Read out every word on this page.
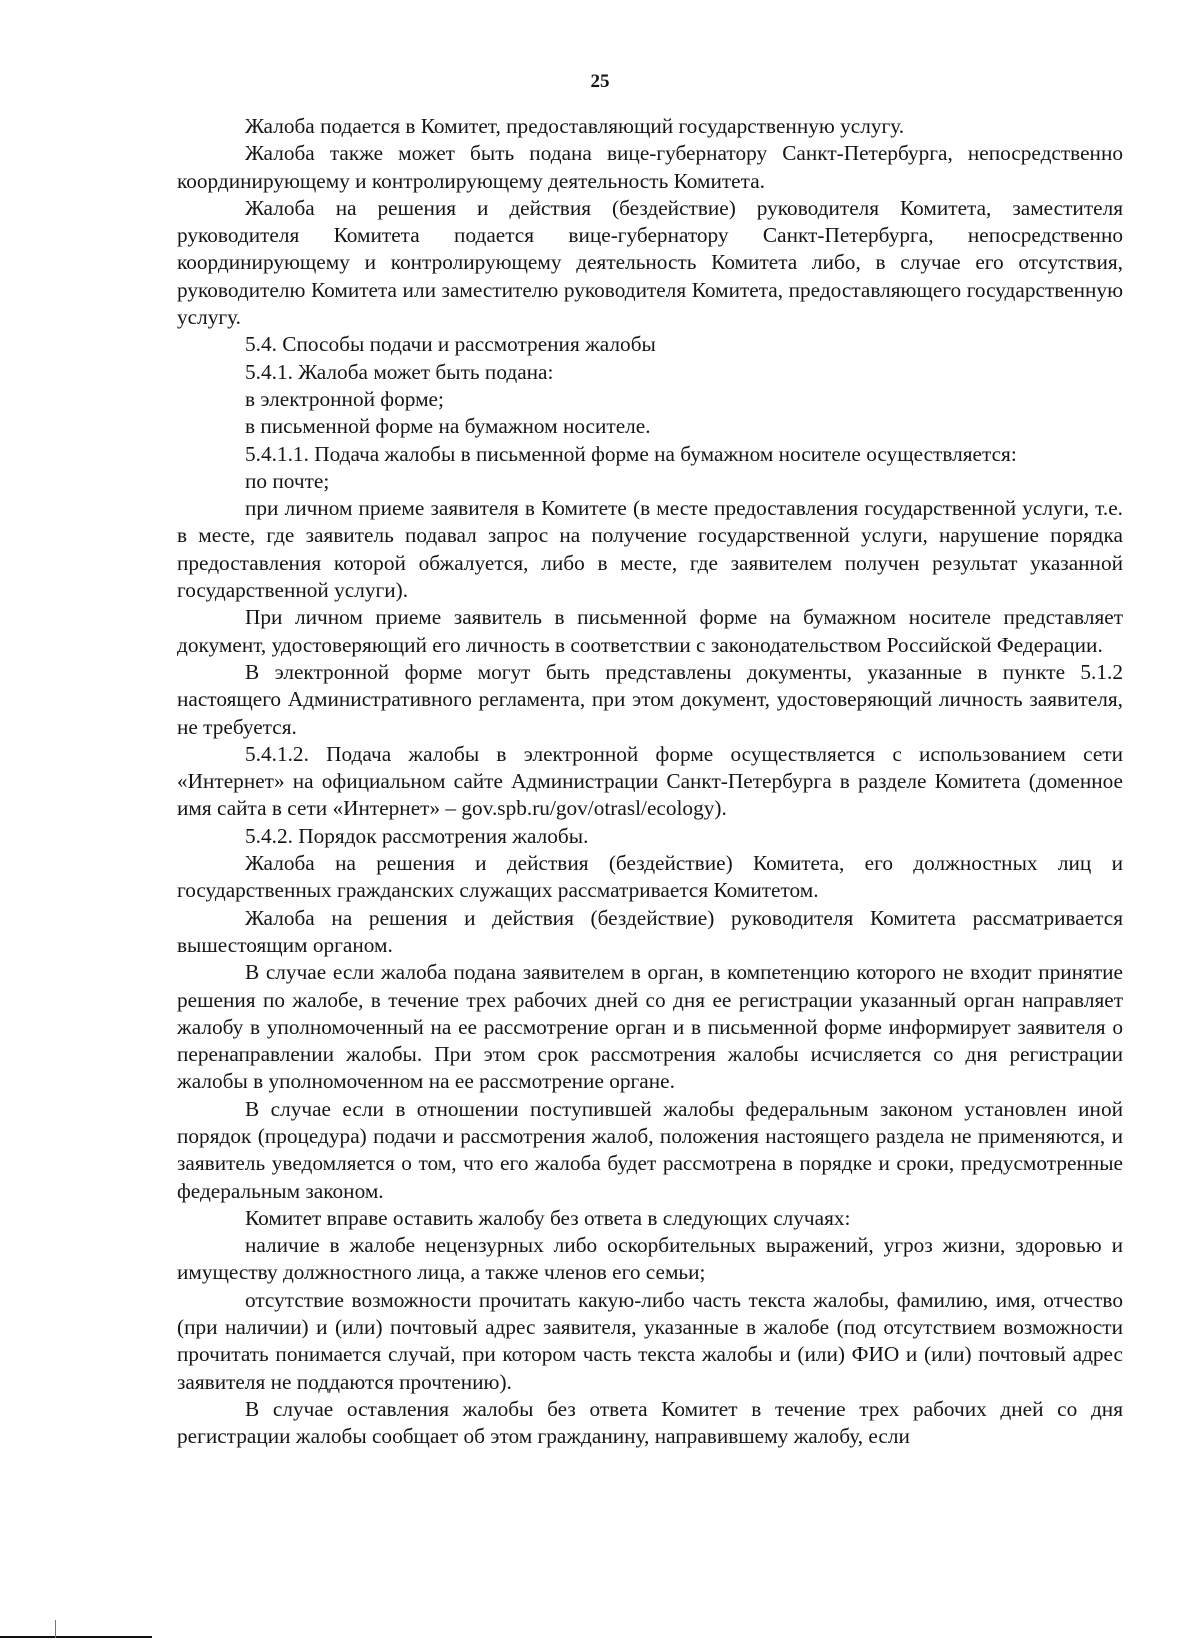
25

Жалоба подается в Комитет, предоставляющий государственную услугу.

Жалоба также может быть подана вице-губернатору Санкт-Петербурга, непосредственно координирующему и контролирующему деятельность Комитета.

Жалоба на решения и действия (бездействие) руководителя Комитета, заместителя руководителя Комитета подается вице-губернатору Санкт-Петербурга, непосредственно координирующему и контролирующему деятельность Комитета либо, в случае его отсутствия, руководителю Комитета или заместителю руководителя Комитета, предоставляющего государственную услугу.

5.4. Способы подачи и рассмотрения жалобы

5.4.1. Жалоба может быть подана:

в электронной форме;

в письменной форме на бумажном носителе.

5.4.1.1. Подача жалобы в письменной форме на бумажном носителе осуществляется:

по почте;

при личном приеме заявителя в Комитете (в месте предоставления государственной услуги, т.е. в месте, где заявитель подавал запрос на получение государственной услуги, нарушение порядка предоставления которой обжалуется, либо в месте, где заявителем получен результат указанной государственной услуги).

При личном приеме заявитель в письменной форме на бумажном носителе представляет документ, удостоверяющий его личность в соответствии с законодательством Российской Федерации.

В электронной форме могут быть представлены документы, указанные в пункте 5.1.2 настоящего Административного регламента, при этом документ, удостоверяющий личность заявителя, не требуется.

5.4.1.2. Подача жалобы в электронной форме осуществляется с использованием сети «Интернет» на официальном сайте Администрации Санкт-Петербурга в разделе Комитета (доменное имя сайта в сети «Интернет» – gov.spb.ru/gov/otrasl/ecology).

5.4.2. Порядок рассмотрения жалобы.

Жалоба на решения и действия (бездействие) Комитета, его должностных лиц и государственных гражданских служащих рассматривается Комитетом.

Жалоба на решения и действия (бездействие) руководителя Комитета рассматривается вышестоящим органом.

В случае если жалоба подана заявителем в орган, в компетенцию которого не входит принятие решения по жалобе, в течение трех рабочих дней со дня ее регистрации указанный орган направляет жалобу в уполномоченный на ее рассмотрение орган и в письменной форме информирует заявителя о перенаправлении жалобы. При этом срок рассмотрения жалобы исчисляется со дня регистрации жалобы в уполномоченном на ее рассмотрение органе.

В случае если в отношении поступившей жалобы федеральным законом установлен иной порядок (процедура) подачи и рассмотрения жалоб, положения настоящего раздела не применяются, и заявитель уведомляется о том, что его жалоба будет рассмотрена в порядке и сроки, предусмотренные федеральным законом.

Комитет вправе оставить жалобу без ответа в следующих случаях:

наличие в жалобе нецензурных либо оскорбительных выражений, угроз жизни, здоровью и имуществу должностного лица, а также членов его семьи;

отсутствие возможности прочитать какую-либо часть текста жалобы, фамилию, имя, отчество (при наличии) и (или) почтовый адрес заявителя, указанные в жалобе (под отсутствием возможности прочитать понимается случай, при котором часть текста жалобы и (или) ФИО и (или) почтовый адрес заявителя не поддаются прочтению).

В случае оставления жалобы без ответа Комитет в течение трех рабочих дней со дня регистрации жалобы сообщает об этом гражданину, направившему жалобу, если
